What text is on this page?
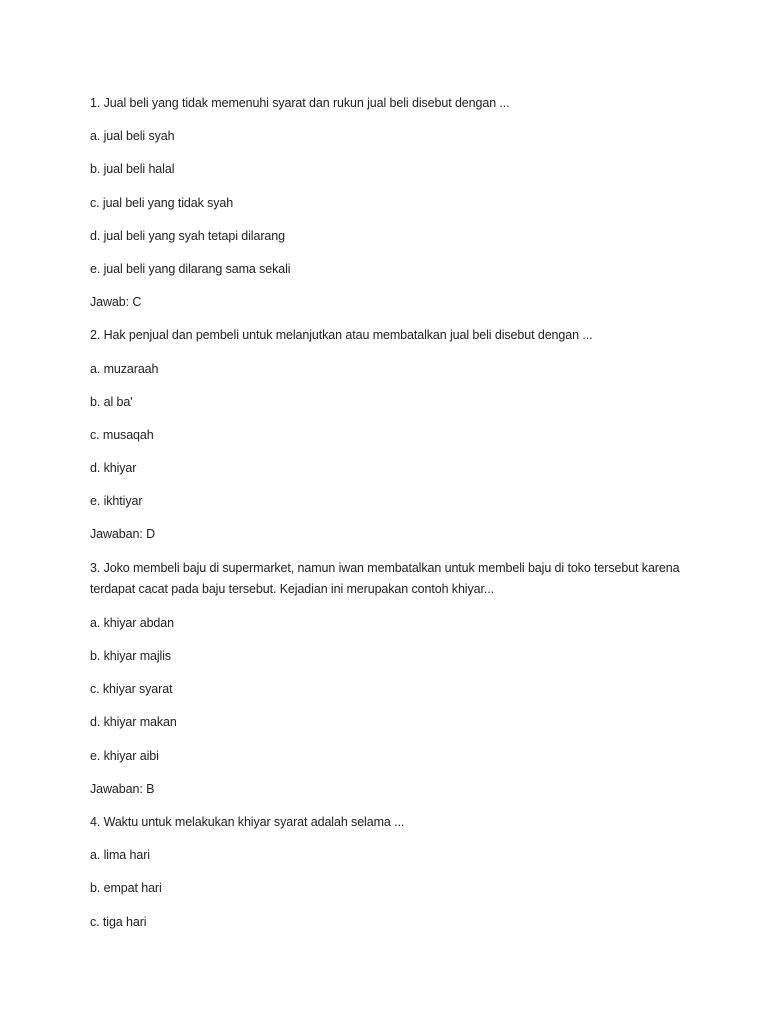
1. Jual beli yang tidak memenuhi syarat dan rukun jual beli disebut dengan ...

a. jual beli syah

b. jual beli halal

c. jual beli yang tidak syah

d. jual beli yang syah tetapi dilarang

e. jual beli yang dilarang sama sekali

Jawab: C

2. Hak penjual dan pembeli untuk melanjutkan atau membatalkan jual beli disebut dengan ...

a. muzaraah

b. al ba'

c. musaqah

d. khiyar

e. ikhtiyar

Jawaban: D

3. Joko membeli baju di supermarket, namun iwan membatalkan untuk membeli baju di toko tersebut karena terdapat cacat pada baju tersebut. Kejadian ini merupakan contoh khiyar...

a. khiyar abdan

b. khiyar majlis

c. khiyar syarat

d. khiyar makan

e. khiyar aibi

Jawaban: B

4. Waktu untuk melakukan khiyar syarat adalah selama ...

a. lima hari

b. empat hari

c. tiga hari
